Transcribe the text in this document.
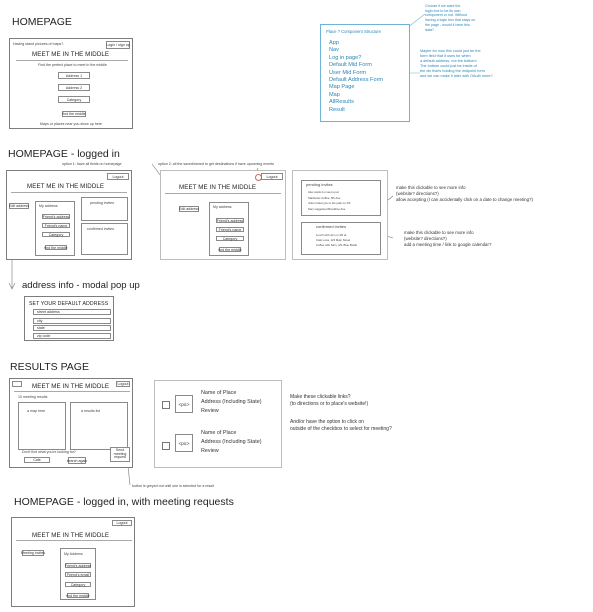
HOMEPAGE
Having stand pictures of maps?	Login / sign up
MEET ME IN THE MIDDLE
Find the perfect place to meet in the middle
Address 1
Address 2
Category
find the middle
Maps or places near you show up here
Place ? Component Structure
App
Nav
Log in page?
Default Mid Form
User Mid Form
Default Address Form
Map Page
Map
AllResults
Result
Choose if we want the
login box to be its own
component or not. Without
having a login box that stays on
the page - would it have this
data?
Maybe for now this could just be the
form field that it uses for when
a default address, not the bottom!
The bottom could just be inside of
the div that's holding the midpoint form
and we can make it later with OAuth more?
HOMEPAGE - logged in
option 1: have all fields on homepage	option 2: all the saved/stored to get destinations if have upcoming events
Logout
MEET ME IN THE MIDDLE
Edit address	My address
Friend's address
Friend's name
Category
find the middle
pending invites
confirmed invites
Logout
MEET ME IN THE MIDDLE
Edit address	My address
Friend's address
Friend's name
Category
find the middle
pending invites
Alex wants to meet up at
Starbucks Coffee, 5th Ave
Julie invited you to the park on 4/5
Sam suggested Brookline Ave
confirmed invites
Lunch with Jen on 4/5 at
Cafe Luna, 123 Main Street
Coffee with Sam, 4/9, Blue Bottle
make this clickable to see more info
(website? directions?)
allow accepting (I can accidentally click on a date to change meeting?)
make this clickable to see more info
(website? directions?)
add a meeting time / link to google calendar?
address info - modal pop up
SET YOUR DEFAULT ADDRESS
street address
city
state
zip code
RESULTS PAGE
MEET ME IN THE MIDDLE	Logout
10 meeting results
a map here	a results list
Don't find what you're looking for?
Cafe	search again
Send meeting request
button is greyed out until one is selected for a result
<pic>
Name of Place
Address (Including State)
Review
<pic>
Name of Place
Address (Including State)
Review
Make these clickable links?
(to directions or to place's website!)
And/or have the option to click on
outside of the checkbox to select for meeting?
HOMEPAGE - logged in, with meeting requests
Logout
MEET ME IN THE MIDDLE
Meeting invites	My Address
Friend's address
Friend's email
Category
find the middle
